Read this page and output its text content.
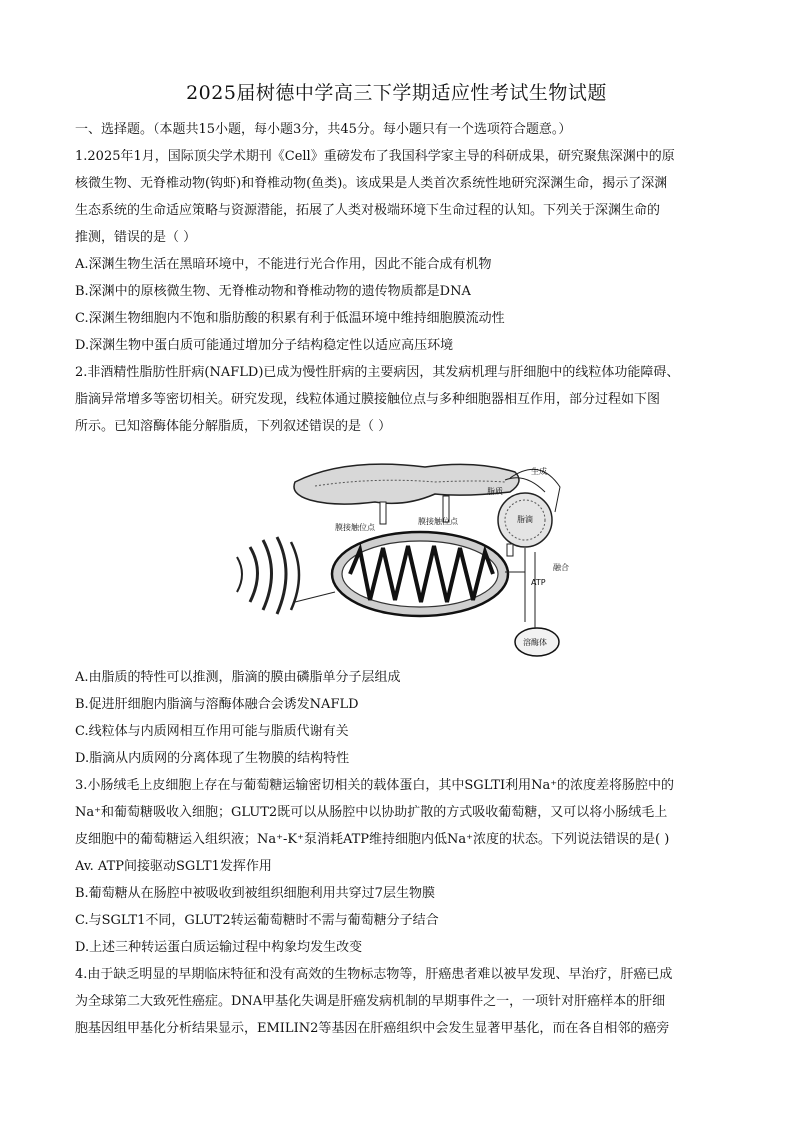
2025届树德中学高三下学期适应性考试生物试题
一、选择题。（本题共15小题，每小题3分，共45分。每小题只有一个选项符合题意。）
1.2025年1月，国际顶尖学术期刊《Cell》重磅发布了我国科学家主导的科研成果，研究聚焦深渊中的原
核微生物、无脊椎动物(钩虾)和脊椎动物(鱼类)。该成果是人类首次系统性地研究深渊生命，揭示了深渊
生态系统的生命适应策略与资源潜能，拓展了人类对极端环境下生命过程的认知。下列关于深渊生命的
推测，错误的是（ ）
A.深渊生物生活在黑暗环境中，不能进行光合作用，因此不能合成有机物
B.深渊中的原核微生物、无脊椎动物和脊椎动物的遗传物质都是DNA
C.深渊生物细胞内不饱和脂肪酸的积累有利于低温环境中维持细胞膜流动性
D.深渊生物中蛋白质可能通过增加分子结构稳定性以适应高压环境
2.非酒精性脂肪性肝病(NAFLD)已成为慢性肝病的主要病因，其发病机理与肝细胞中的线粒体功能障碍、
脂滴异常增多等密切相关。研究发现，线粒体通过膜接触位点与多种细胞器相互作用，部分过程如下图
所示。已知溶酶体能分解脂质，下列叙述错误的是（ ）
生成
脂质
脂滴
膜接触位点
膜接触位点
ATP
融合
溶酶体
A.由脂质的特性可以推测，脂滴的膜由磷脂单分子层组成
B.促进肝细胞内脂滴与溶酶体融合会诱发NAFLD
C.线粒体与内质网相互作用可能与脂质代谢有关
D.脂滴从内质网的分离体现了生物膜的结构特性
3.小肠绒毛上皮细胞上存在与葡萄糖运输密切相关的载体蛋白，其中SGLTI利用Na⁺的浓度差将肠腔中的
Na⁺和葡萄糖吸收入细胞；GLUT2既可以从肠腔中以协助扩散的方式吸收葡萄糖，又可以将小肠绒毛上
皮细胞中的葡萄糖运入组织液；Na⁺-K⁺泵消耗ATP维持细胞内低Na⁺浓度的状态。下列说法错误的是( )
Av. ATP间接驱动SGLT1发挥作用
B.葡萄糖从在肠腔中被吸收到被组织细胞利用共穿过7层生物膜
C.与SGLT1不同，GLUT2转运葡萄糖时不需与葡萄糖分子结合
D.上述三种转运蛋白质运输过程中构象均发生改变
4.由于缺乏明显的早期临床特征和没有高效的生物标志物等，肝癌患者难以被早发现、早治疗，肝癌已成
为全球第二大致死性癌症。DNA甲基化失调是肝癌发病机制的早期事件之一，一项针对肝癌样本的肝细
胞基因组甲基化分析结果显示，EMILIN2等基因在肝癌组织中会发生显著甲基化，而在各自相邻的癌旁
